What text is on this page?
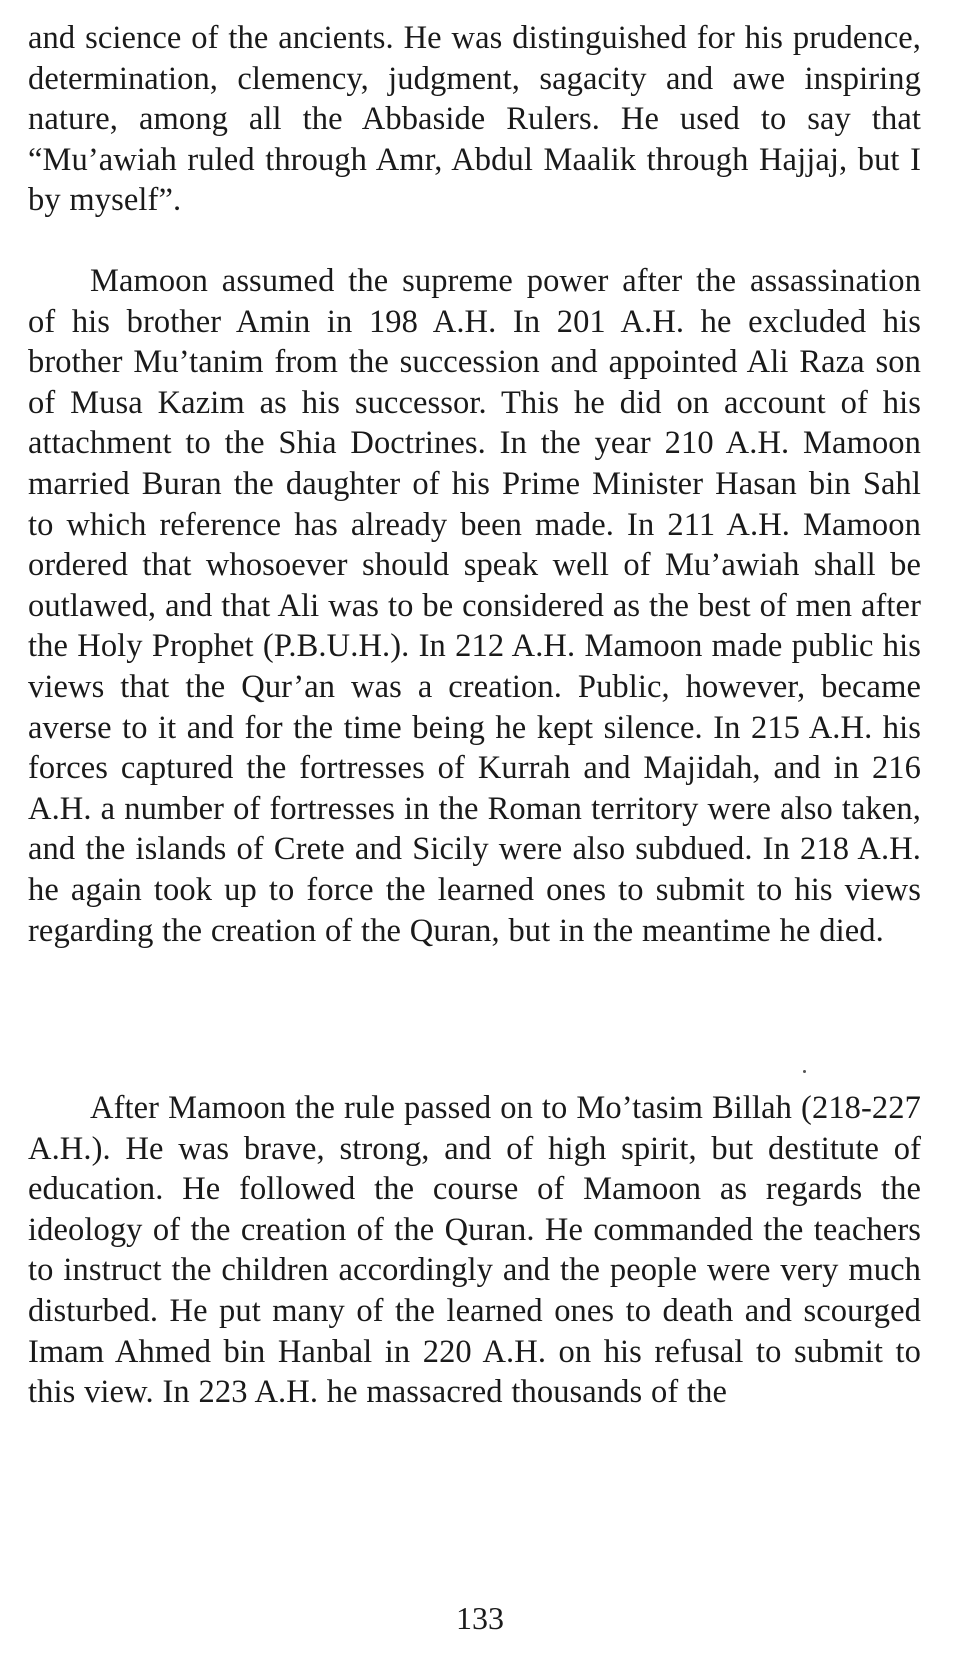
and science of the ancients. He was distinguished for his prudence, determination, clemency, judgment, sagacity and awe inspiring nature, among all the Abbaside Rulers. He used to say that “Mu’awiah ruled through Amr, Abdul Maalik through Hajjaj, but I by myself”.

Mamoon assumed the supreme power after the assassination of his brother Amin in 198 A.H. In 201 A.H. he excluded his brother Mu’tanim from the succession and appointed Ali Raza son of Musa Kazim as his successor. This he did on account of his attachment to the Shia Doctrines. In the year 210 A.H. Mamoon married Buran the daughter of his Prime Minister Hasan bin Sahl to which reference has already been made. In 211 A.H. Mamoon ordered that whosoever should speak well of Mu’awiah shall be outlawed, and that Ali was to be considered as the best of men after the Holy Prophet (P.B.U.H.). In 212 A.H. Mamoon made public his views that the Qur’an was a creation. Public, however, became averse to it and for the time being he kept silence. In 215 A.H. his forces captured the fortresses of Kurrah and Majidah, and in 216 A.H. a number of fortresses in the Roman territory were also taken, and the islands of Crete and Sicily were also subdued. In 218 A.H. he again took up to force the learned ones to submit to his views regarding the creation of the Quran, but in the meantime he died.

After Mamoon the rule passed on to Mo’tasim Billah (218-227 A.H.). He was brave, strong, and of high spirit, but destitute of education. He followed the course of Mamoon as regards the ideology of the creation of the Quran. He commanded the teachers to instruct the children accordingly and the people were very much disturbed. He put many of the learned ones to death and scourged Imam Ahmed bin Hanbal in 220 A.H. on his refusal to submit to this view. In 223 A.H. he massacred thousands of the

133
